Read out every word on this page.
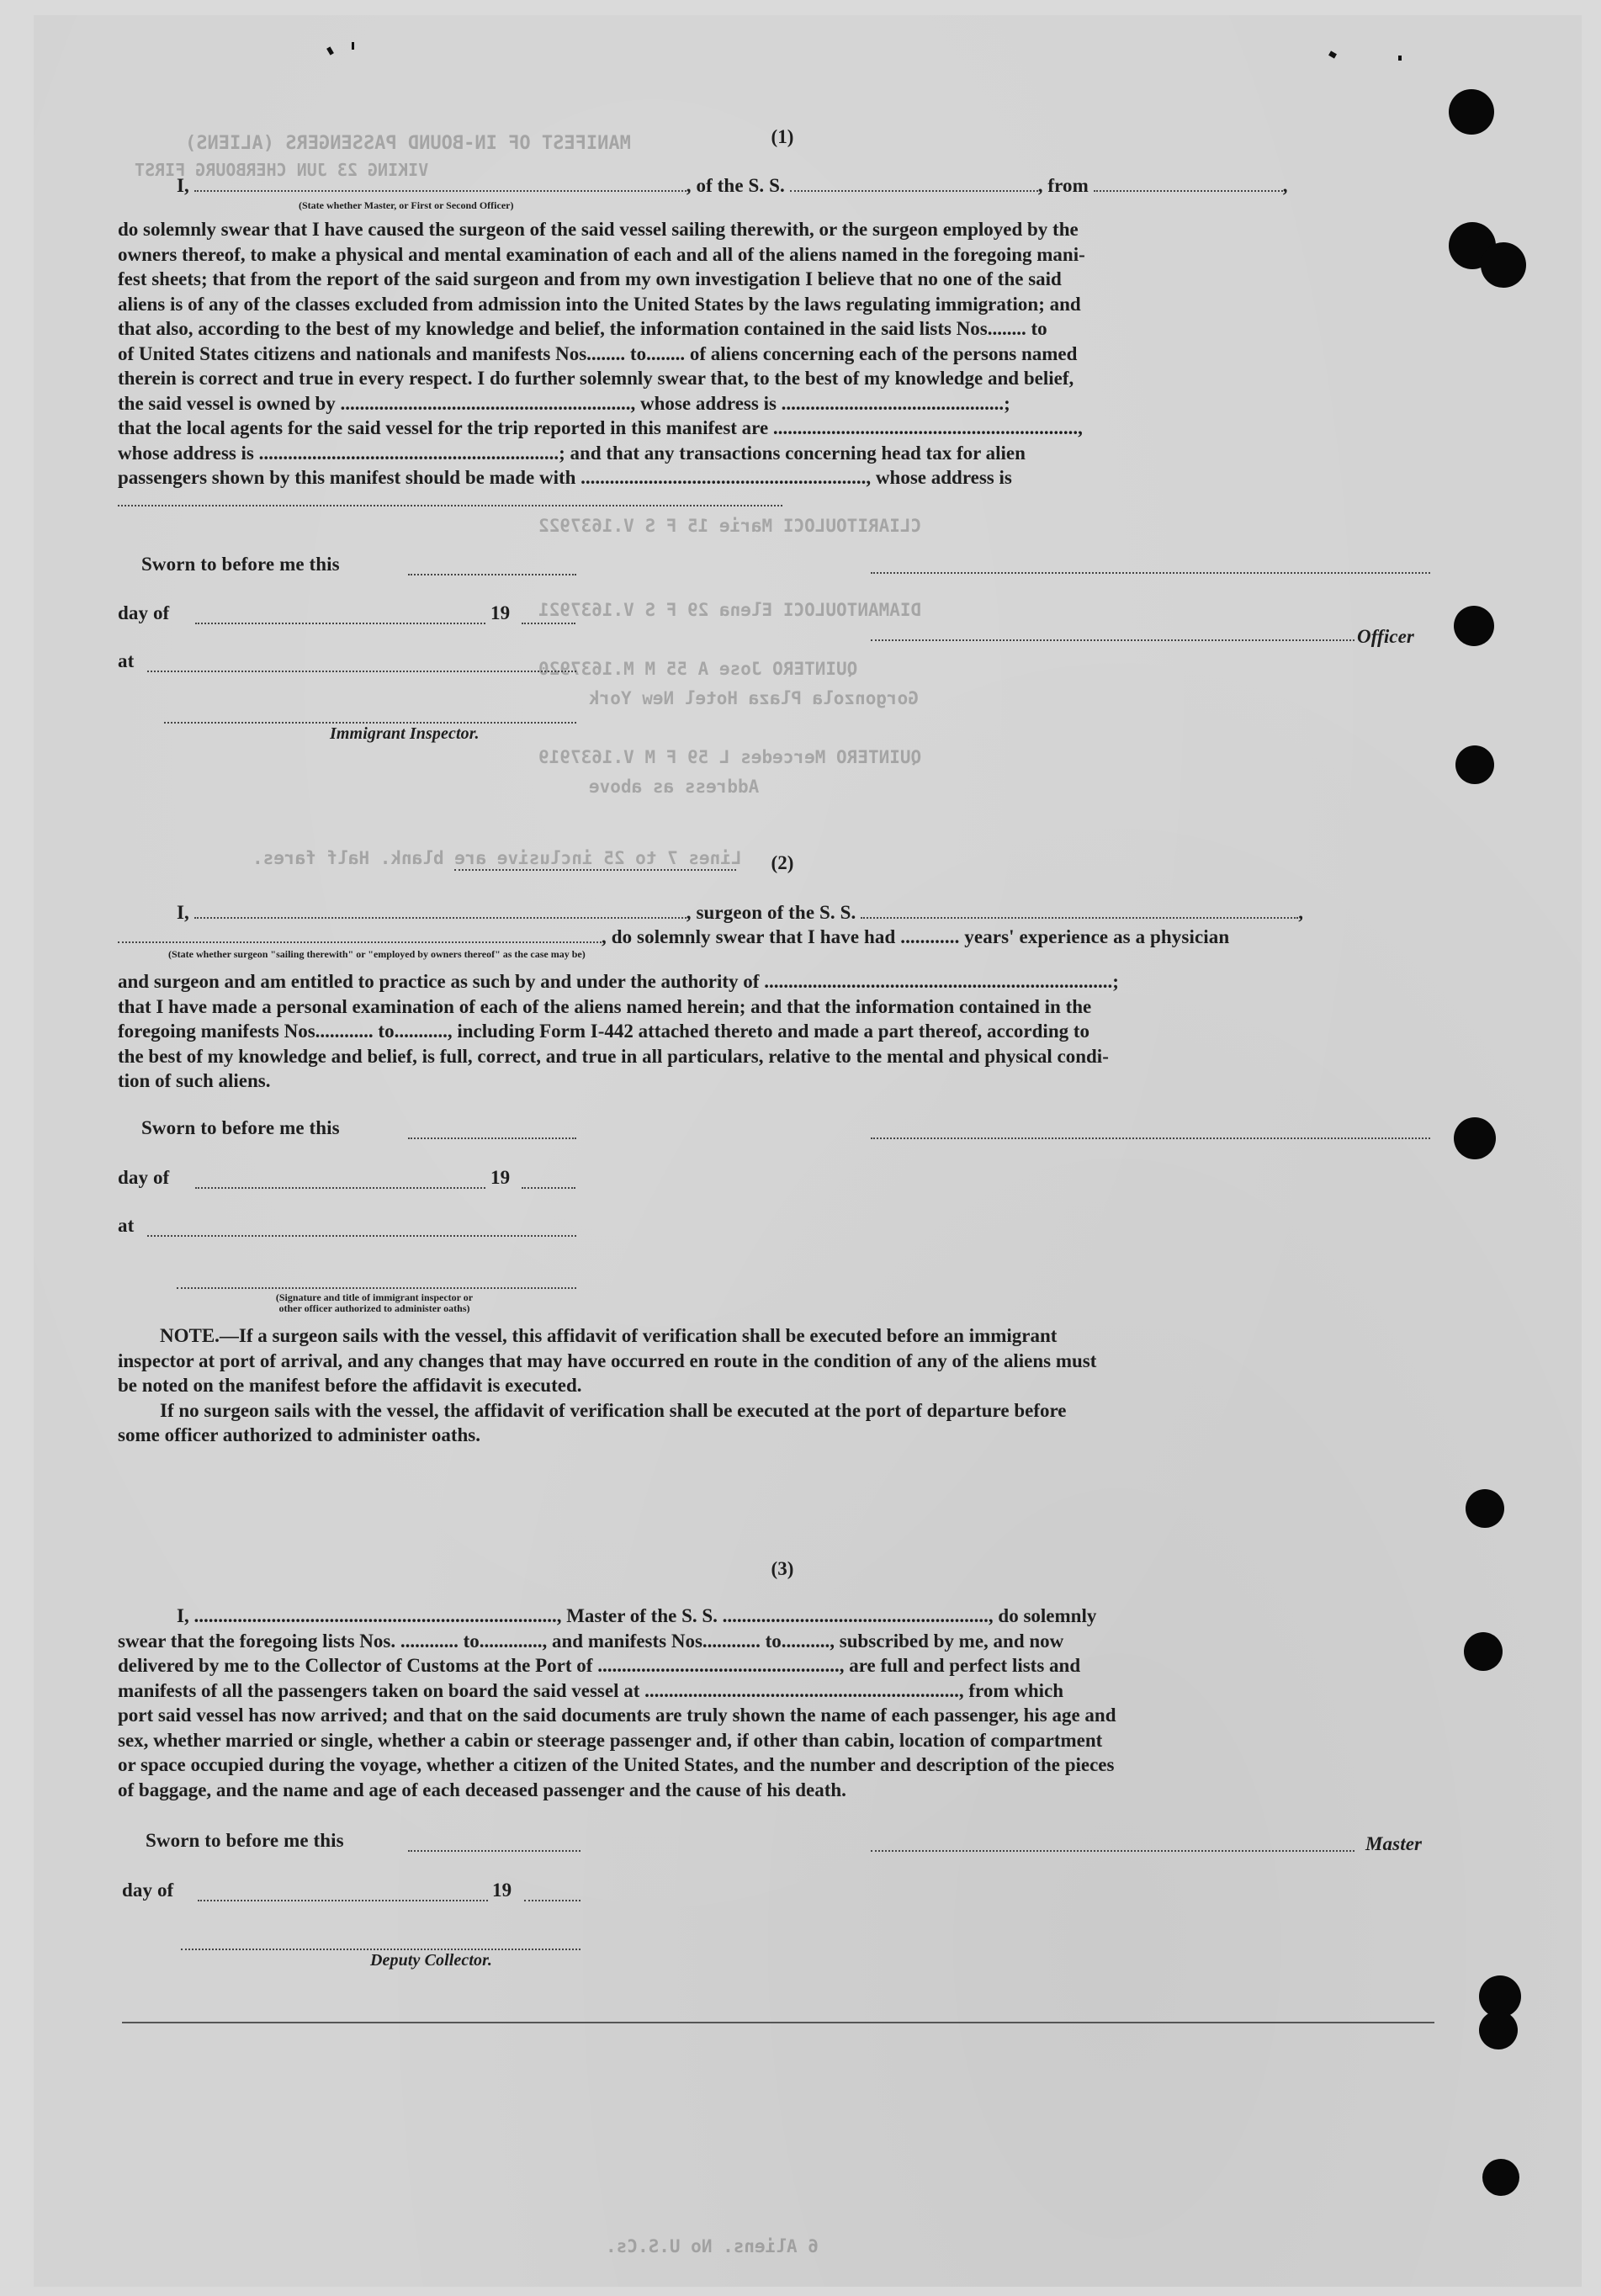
MANIFEST OF IN-BOUND PASSENGERS (ALIENS)
VIKING 23 JUN CHERBOURG FIRST
CLIARITOULOCI Marie 15 F S V.1637922
DIAMANTOULOCI Elena 29 F S V.1637921
QUINTERO Jose A 55 M M.1637920
Gorgonzola Plaza Hotel New York
QUINTERO Mercedes L 59 F M V.1637919
Address as above
Lines 7 to 25 inclusive are blank. Half fares.
6 Aliens. No U.S.Cs.
(1)
I,	, of the S. S.	, from	,
(State whether Master, or First or Second Officer)
do solemnly swear that I have caused the surgeon of the said vessel sailing therewith, or the surgeon employed by the
owners thereof, to make a physical and mental examination of each and all of the aliens named in the foregoing mani-
fest sheets; that from the report of the said surgeon and from my own investigation I believe that no one of the said
aliens is of any of the classes excluded from admission into the United States by the laws regulating immigration; and
that also, according to the best of my knowledge and belief, the information contained in the said lists Nos........ to
of United States citizens and nationals and manifests Nos........ to........ of aliens concerning each of the persons named
therein is correct and true in every respect. I do further solemnly swear that, to the best of my knowledge and belief,
the said vessel is owned by ............................................................, whose address is ..............................................;
that the local agents for the said vessel for the trip reported in this manifest are ...............................................................,
whose address is ..............................................................; and that any transactions concerning head tax for alien
passengers shown by this manifest should be made with ..........................................................., whose address is
Sworn to before me this
day of	19
at
Immigrant Inspector.
Officer
(2)
I,	, surgeon of the S. S.	,
, do solemnly swear that I have had ............ years' experience as a physician
(State whether surgeon "sailing therewith" or "employed by owners thereof" as the case may be)
and surgeon and am entitled to practice as such by and under the authority of ........................................................................;
that I have made a personal examination of each of the aliens named herein; and that the information contained in the
foregoing manifests Nos............ to..........., including Form I-442 attached thereto and made a part thereof, according to
the best of my knowledge and belief, is full, correct, and true in all particulars, relative to the mental and physical condi-
tion of such aliens.
Sworn to before me this
day of	19
at
(Signature and title of immigrant inspector or
other officer authorized to administer oaths)
NOTE.—If a surgeon sails with the vessel, this affidavit of verification shall be executed before an immigrant
inspector at port of arrival, and any changes that may have occurred en route in the condition of any of the aliens must
be noted on the manifest before the affidavit is executed.
If no surgeon sails with the vessel, the affidavit of verification shall be executed at the port of departure before
some officer authorized to administer oaths.
(3)
I, ..........................................................................., Master of the S. S. ......................................................., do solemnly
swear that the foregoing lists Nos. ............ to............., and manifests Nos............ to.........., subscribed by me, and now
delivered by me to the Collector of Customs at the Port of .................................................., are full and perfect lists and
manifests of all the passengers taken on board the said vessel at ................................................................., from which
port said vessel has now arrived; and that on the said documents are truly shown the name of each passenger, his age and
sex, whether married or single, whether a cabin or steerage passenger and, if other than cabin, location of compartment
or space occupied during the voyage, whether a citizen of the United States, and the number and description of the pieces
of baggage, and the name and age of each deceased passenger and the cause of his death.
Sworn to before me this	Master
day of	19
Deputy Collector.
